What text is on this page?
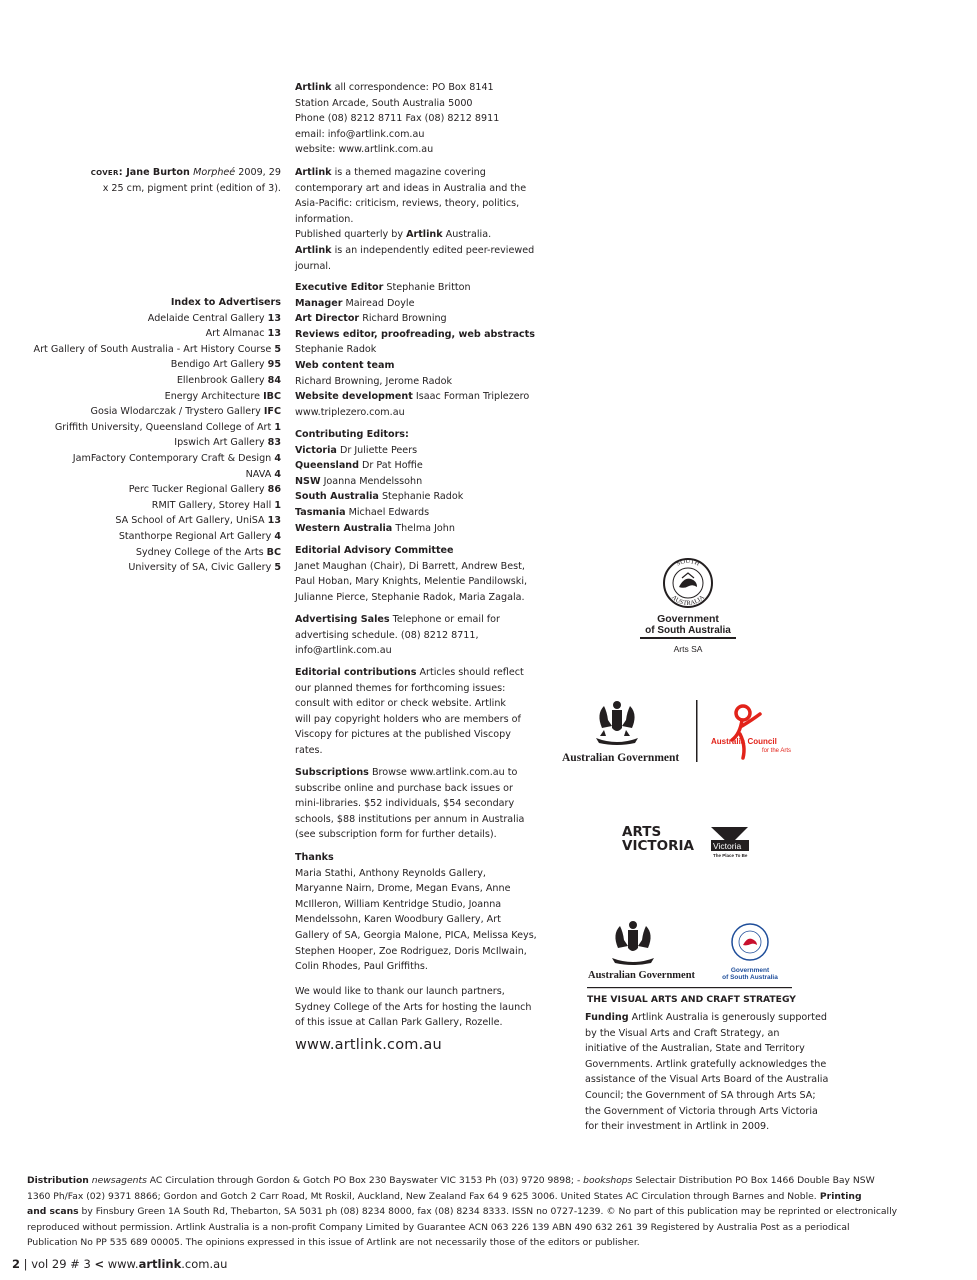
Artlink all correspondence: PO Box 8141
Station Arcade, South Australia 5000
Phone (08) 8212 8711 Fax (08) 8212 8911
email: info@artlink.com.au
website: www.artlink.com.au
cover: Jane Burton Morpheé 2009, 29
x 25 cm, pigment print (edition of 3).
Artlink is a themed magazine covering
contemporary art and ideas in Australia and the
Asia-Pacific: criticism, reviews, theory, politics,
information.
Published quarterly by Artlink Australia.
Artlink is an independently edited peer-reviewed
journal.
Index to Advertisers
Adelaide Central Gallery 13
Art Almanac 13
Art Gallery of South Australia - Art History Course 5
Bendigo Art Gallery 95
Ellenbrook Gallery 84
Energy Architecture IBC
Gosia Wlodarczak / Trystero Gallery IFC
Griffith University, Queensland College of Art 1
Ipswich Art Gallery 83
JamFactory Contemporary Craft & Design 4
NAVA 4
Perc Tucker Regional Gallery 86
RMIT Gallery, Storey Hall 1
SA School of Art Gallery, UniSA 13
Stanthorpe Regional Art Gallery 4
Sydney College of the Arts BC
University of SA, Civic Gallery 5
Executive Editor Stephanie Britton
Manager Mairead Doyle
Art Director Richard Browning
Reviews editor, proofreading, web abstracts
Stephanie Radok
Web content team
Richard Browning, Jerome Radok
Website development Isaac Forman Triplezero
www.triplezero.com.au
Contributing Editors:
Victoria Dr Juliette Peers
Queensland Dr Pat Hoffie
NSW Joanna Mendelssohn
South Australia Stephanie Radok
Tasmania Michael Edwards
Western Australia Thelma John
Editorial Advisory Committee
Janet Maughan (Chair), Di Barrett, Andrew Best,
Paul Hoban, Mary Knights, Melentie Pandilowski,
Julianne Pierce, Stephanie Radok, Maria Zagala.
Advertising Sales Telephone or email for
advertising schedule. (08) 8212 8711,
info@artlink.com.au
Editorial contributions Articles should reflect
our planned themes for forthcoming issues:
consult with editor or check website. Artlink
will pay copyright holders who are members of
Viscopy for pictures at the published Viscopy
rates.
Subscriptions Browse www.artlink.com.au to
subscribe online and purchase back issues or
mini-libraries. $52 individuals, $54 secondary
schools, $88 institutions per annum in Australia
(see subscription form for further details).
Thanks
Maria Stathi, Anthony Reynolds Gallery,
Maryanne Nairn, Drome, Megan Evans, Anne
McIlleron, William Kentridge Studio, Joanna
Mendelssohn, Karen Woodbury Gallery, Art
Gallery of SA, Georgia Malone, PICA, Melissa Keys,
Stephen Hooper, Zoe Rodriguez, Doris McIlwain,
Colin Rhodes, Paul Griffiths.
We would like to thank our launch partners,
Sydney College of the Arts for hosting the launch
of this issue at Callan Park Gallery, Rozelle.
www.artlink.com.au
SOUTH
AUSTRALIA
Government
of South Australia
Arts SA
Australian Government
Australia Council
for the Arts
ARTS
VICTORIA Victoria
The Place To Be
Australian Government	Government
of South Australia
THE VISUAL ARTS AND CRAFT STRATEGY
Funding Artlink Australia is generously supported
by the Visual Arts and Craft Strategy, an
initiative of the Australian, State and Territory
Governments. Artlink gratefully acknowledges the
assistance of the Visual Arts Board of the Australia
Council; the Government of SA through Arts SA;
the Government of Victoria through Arts Victoria
for their investment in Artlink in 2009.
Distribution newsagents AC Circulation through Gordon & Gotch PO Box 230 Bayswater VIC 3153 Ph (03) 9720 9898; - bookshops Selectair Distribution PO Box 1466 Double Bay NSW
1360 Ph/Fax (02) 9371 8866; Gordon and Gotch 2 Carr Road, Mt Roskil, Auckland, New Zealand Fax 64 9 625 3006. United States AC Circulation through Barnes and Noble. Printing
and scans by Finsbury Green 1A South Rd, Thebarton, SA 5031 ph (08) 8234 8000, fax (08) 8234 8333. ISSN no 0727-1239. © No part of this publication may be reprinted or electronically
reproduced without permission. Artlink Australia is a non-profit Company Limited by Guarantee ACN 063 226 139 ABN 490 632 261 39 Registered by Australia Post as a periodical
Publication No PP 535 689 00005. The opinions expressed in this issue of Artlink are not necessarily those of the editors or publisher.
2 | vol 29 # 3 < www.artlink.com.au
